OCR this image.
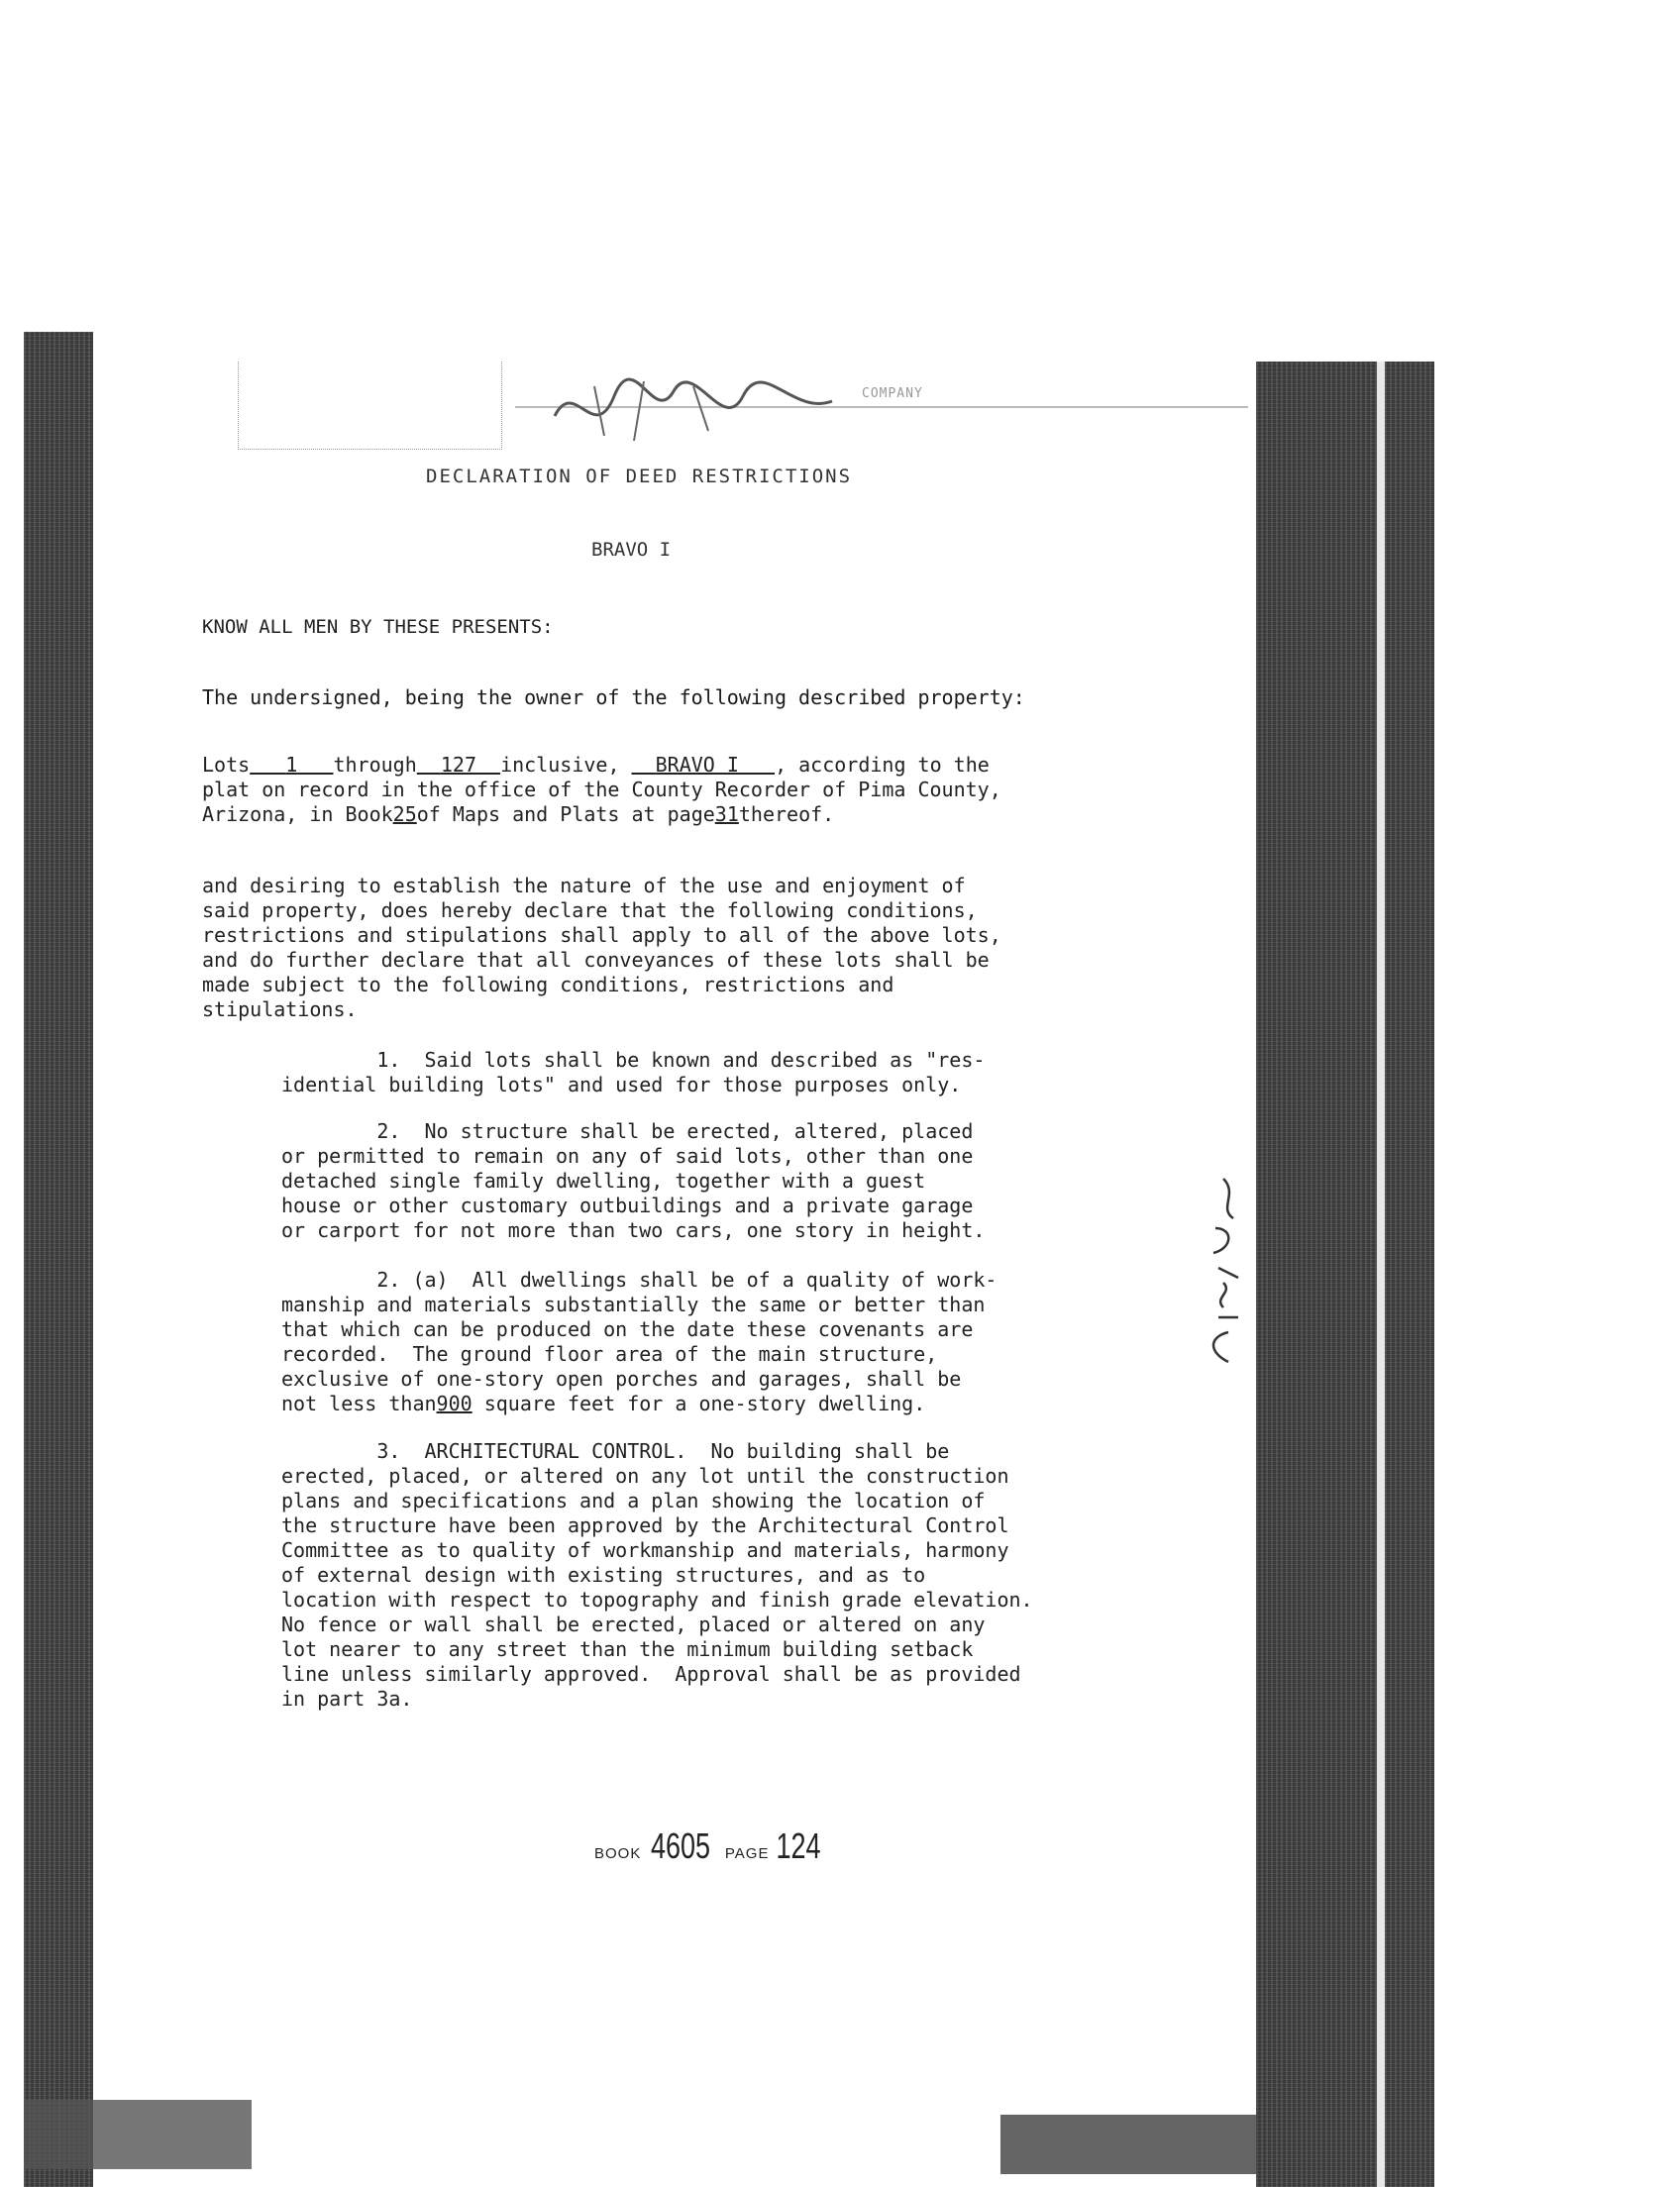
COMPANY
DECLARATION OF DEED RESTRICTIONS
BRAVO I
KNOW ALL MEN BY THESE PRESENTS:
The undersigned, being the owner of the following described property:
Lots 1 through 127 inclusive, BRAVO I , according to the
plat on record in the office of the County Recorder of Pima County,
Arizona, in Book25of Maps and Plats at page31thereof.
and desiring to establish the nature of the use and enjoyment of
said property, does hereby declare that the following conditions,
restrictions and stipulations shall apply to all of the above lots,
and do further declare that all conveyances of these lots shall be
made subject to the following conditions, restrictions and
stipulations.
1.  Said lots shall be known and described as "res-
idential building lots" and used for those purposes only.
2.  No structure shall be erected, altered, placed
or permitted to remain on any of said lots, other than one
detached single family dwelling, together with a guest
house or other customary outbuildings and a private garage
or carport for not more than two cars, one story in height.
2. (a)  All dwellings shall be of a quality of work-
manship and materials substantially the same or better than
that which can be produced on the date these covenants are
recorded.  The ground floor area of the main structure,
exclusive of one-story open porches and garages, shall be
not less than900 square feet for a one-story dwelling.
3.  ARCHITECTURAL CONTROL.  No building shall be
erected, placed, or altered on any lot until the construction
plans and specifications and a plan showing the location of
the structure have been approved by the Architectural Control
Committee as to quality of workmanship and materials, harmony
of external design with existing structures, and as to
location with respect to topography and finish grade elevation.
No fence or wall shall be erected, placed or altered on any
lot nearer to any street than the minimum building setback
line unless similarly approved.  Approval shall be as provided
in part 3a.
BOOK 4605 PAGE 124
